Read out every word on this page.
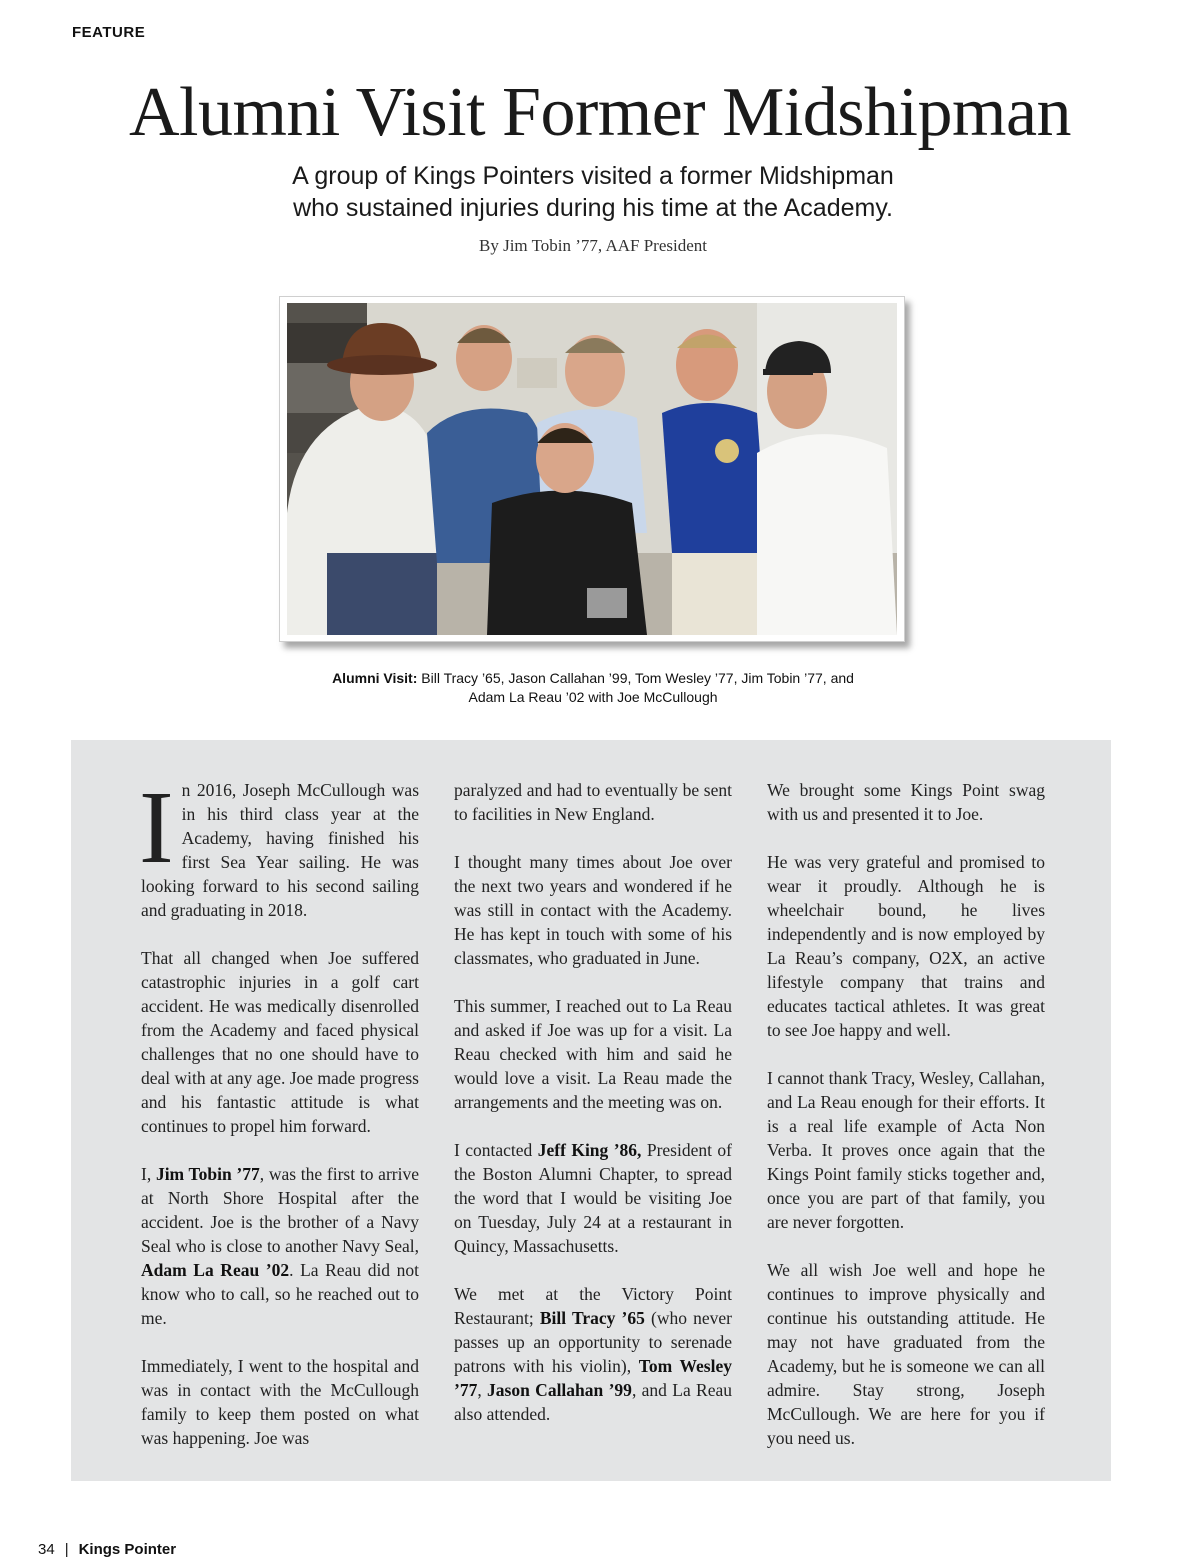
FEATURE
Alumni Visit Former Midshipman
A group of Kings Pointers visited a former Midshipman
who sustained injuries during his time at the Academy.
By Jim Tobin ’77, AAF President
Alumni Visit: Bill Tracy ’65, Jason Callahan ’99, Tom Wesley ’77, Jim Tobin ’77, and
Adam La Reau ’02 with Joe McCullough

In 2016, Joseph McCullough was in his third class year at the Academy, having finished his first Sea Year sailing. He was looking forward to his second sailing and graduating in 2018.

That all changed when Joe suffered catastrophic injuries in a golf cart accident. He was medically disenrolled from the Academy and faced physical challenges that no one should have to deal with at any age. Joe made progress and his fantastic attitude is what continues to propel him forward.

I, Jim Tobin ’77, was the first to arrive at North Shore Hospital after the accident. Joe is the brother of a Navy Seal who is close to another Navy Seal, Adam La Reau ’02. La Reau did not know who to call, so he reached out to me.

Immediately, I went to the hospital and was in contact with the McCullough family to keep them posted on what was happening. Joe was

paralyzed and had to eventually be sent to facilities in New England.

I thought many times about Joe over the next two years and wondered if he was still in contact with the Academy. He has kept in touch with some of his classmates, who graduated in June.

This summer, I reached out to La Reau and asked if Joe was up for a visit. La Reau checked with him and said he would love a visit. La Reau made the arrangements and the meeting was on.

I contacted Jeff King ’86, President of the Boston Alumni Chapter, to spread the word that I would be visiting Joe on Tuesday, July 24 at a restaurant in Quincy, Massachusetts.

We met at the Victory Point Restaurant; Bill Tracy ’65 (who never passes up an opportunity to serenade patrons with his violin), Tom Wesley ’77, Jason Callahan ’99, and La Reau also attended.

We brought some Kings Point swag with us and presented it to Joe.

He was very grateful and promised to wear it proudly. Although he is wheelchair bound, he lives independently and is now employed by La Reau’s company, O2X, an active lifestyle company that trains and educates tactical athletes. It was great to see Joe happy and well.

I cannot thank Tracy, Wesley, Callahan, and La Reau enough for their efforts. It is a real life example of Acta Non Verba. It proves once again that the Kings Point family sticks together and, once you are part of that family, you are never forgotten.

We all wish Joe well and hope he continues to improve physically and continue his outstanding attitude. He may not have graduated from the Academy, but he is someone we can all admire. Stay strong, Joseph McCullough. We are here for you if you need us.

34 | Kings Pointer
